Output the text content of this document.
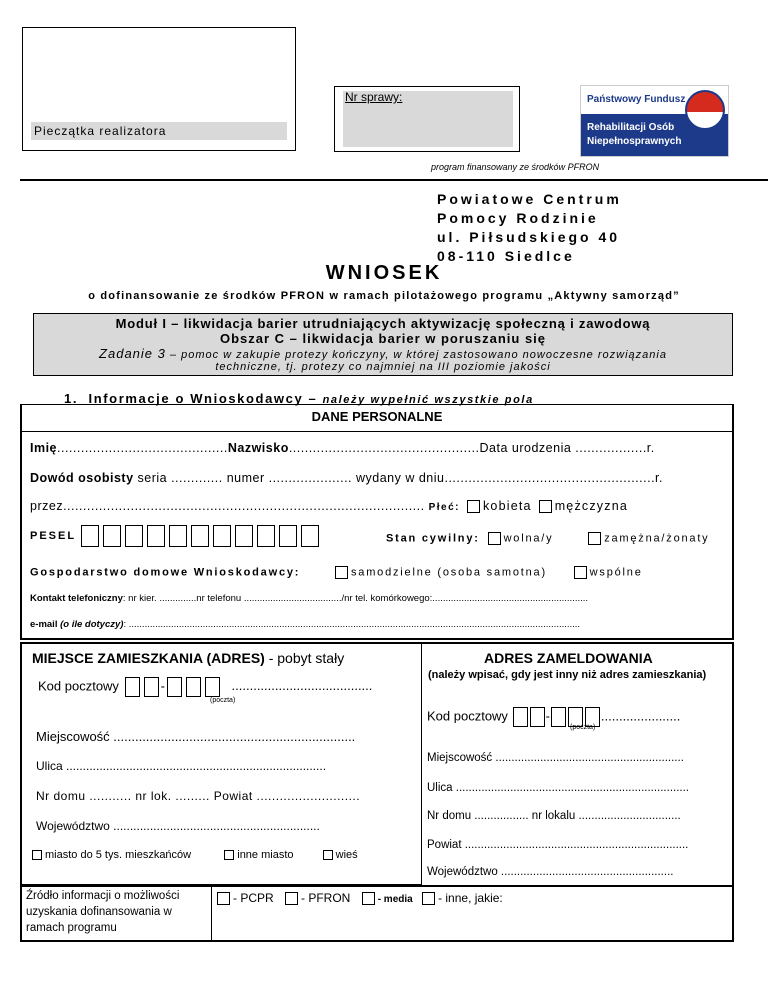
Pieczątka realizatora
Nr sprawy:	Państwowy Fundusz
Rehabilitacji Osób
Niepełnosprawnych
program finansowany ze środków PFRON
Powiatowe Centrum
Pomocy Rodzinie
ul. Piłsudskiego 40
08-110 Siedlce
WNIOSEK
o dofinansowanie ze środków PFRON w ramach pilotażowego programu „Aktywny samorząd”
Moduł I – likwidacja barier utrudniających aktywizację społeczną i zawodową
Obszar C – likwidacja barier w poruszaniu się
Zadanie 3 – pomoc w zakupie protezy kończyny, w której zastosowano nowoczesne rozwiązania
techniczne, tj. protezy co najmniej na III poziomie jakości
1. Informacje o Wnioskodawcy – należy wypełnić wszystkie pola
DANE PERSONALNE
Imię...........................................Nazwisko................................................Data urodzenia ..................r.
Dowód osobisty seria ............. numer ..................... wydany w dniu.....................................................r.
przez........................................................................................... Płeć: kobieta mężczyzna
PESEL	Stan cywilny: wolna/y	zamężna/żonaty
Gospodarstwo domowe Wnioskodawcy:	samodzielne (osoba samotna)	wspólne
Kontakt telefoniczny: nr kier. ..............nr telefonu ...................................../nr tel. komórkowego:...........................................................
e-mail (o ile dotyczy): ...........................................................................................................................................................................
MIEJSCE ZAMIESZKANIA (ADRES) - pobyt stały
Kod pocztowy	-	.......................................
(poczta)
Miejscowość ...................................................................
Ulica ..............................................................................
Nr domu ........... nr lok. ......... Powiat ...........................
Województwo ..............................................................
miasto do 5 tys. mieszkańców	inne miasto	wieś
ADRES ZAMELDOWANIA
(należy wpisać, gdy jest inny niż adres zamieszkania)
Kod pocztowy	-	......................
(poczta)
Miejscowość ...........................................................
Ulica .........................................................................
Nr domu ................. nr lokalu ................................
Powiat ......................................................................
Województwo ......................................................
Źródło informacji o możliwości uzyskania dofinansowania w ramach programu
- PCPR - PFRON	- media - inne, jakie:
